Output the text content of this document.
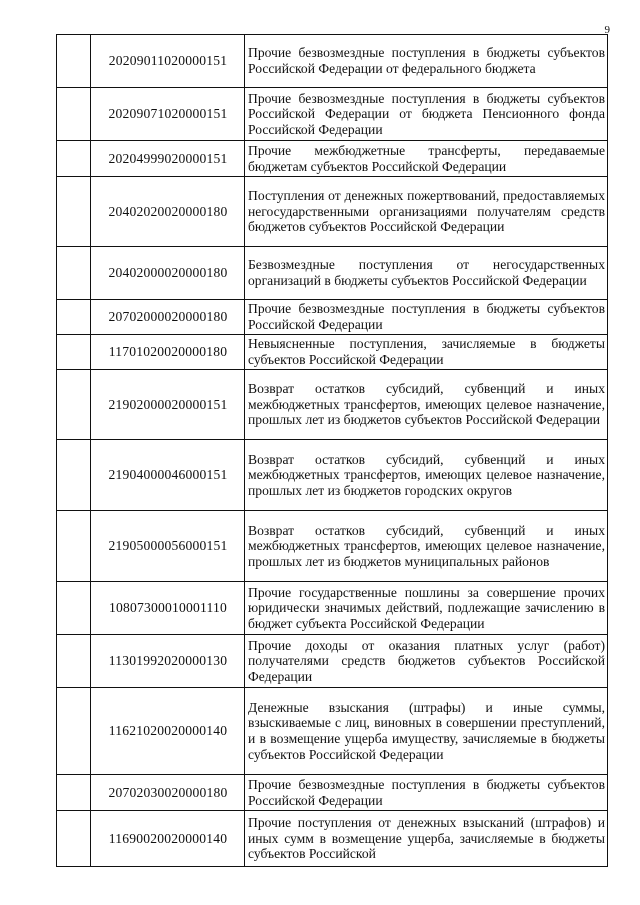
9
	20209011020000151	Прочие безвозмездные поступления в бюджеты субъектов Российской Федерации от федерального бюджета
	20209071020000151	Прочие безвозмездные поступления в бюджеты субъектов Российской Федерации от бюджета Пенсионного фонда Российской Федерации
	20204999020000151	Прочие межбюджетные трансферты, передаваемые бюджетам субъектов Российской Федерации
	20402020020000180	Поступления от денежных пожертвований, предоставляемых негосударственными организациями получателям средств бюджетов субъектов Российской Федерации
	20402000020000180	Безвозмездные поступления от негосударственных организаций в бюджеты субъектов Российской Федерации
	20702000020000180	Прочие безвозмездные поступления в бюджеты субъектов Российской Федерации
	11701020020000180	Невыясненные поступления, зачисляемые в бюджеты субъектов Российской Федерации
	21902000020000151	Возврат остатков субсидий, субвенций и иных межбюджетных трансфертов, имеющих целевое назначение, прошлых лет из бюджетов субъектов Российской Федерации
	21904000046000151	Возврат остатков субсидий, субвенций и иных межбюджетных трансфертов, имеющих целевое назначение, прошлых лет из бюджетов городских округов
	21905000056000151	Возврат остатков субсидий, субвенций и иных межбюджетных трансфертов, имеющих целевое назначение, прошлых лет из бюджетов муниципальных районов
	10807300010001110	Прочие государственные пошлины за совершение прочих юридически значимых действий, подлежащие зачислению в бюджет субъекта Российской Федерации
	11301992020000130	Прочие доходы от оказания платных услуг (работ) получателями средств бюджетов субъектов Российской Федерации
	11621020020000140	Денежные взыскания (штрафы) и иные суммы, взыскиваемые с лиц, виновных в совершении преступлений, и в возмещение ущерба имуществу, зачисляемые в бюджеты субъектов Российской Федерации
	20702030020000180	Прочие безвозмездные поступления в бюджеты субъектов Российской Федерации
	11690020020000140	Прочие поступления от денежных взысканий (штрафов) и иных сумм в возмещение ущерба, зачисляемые в бюджеты субъектов Российской
